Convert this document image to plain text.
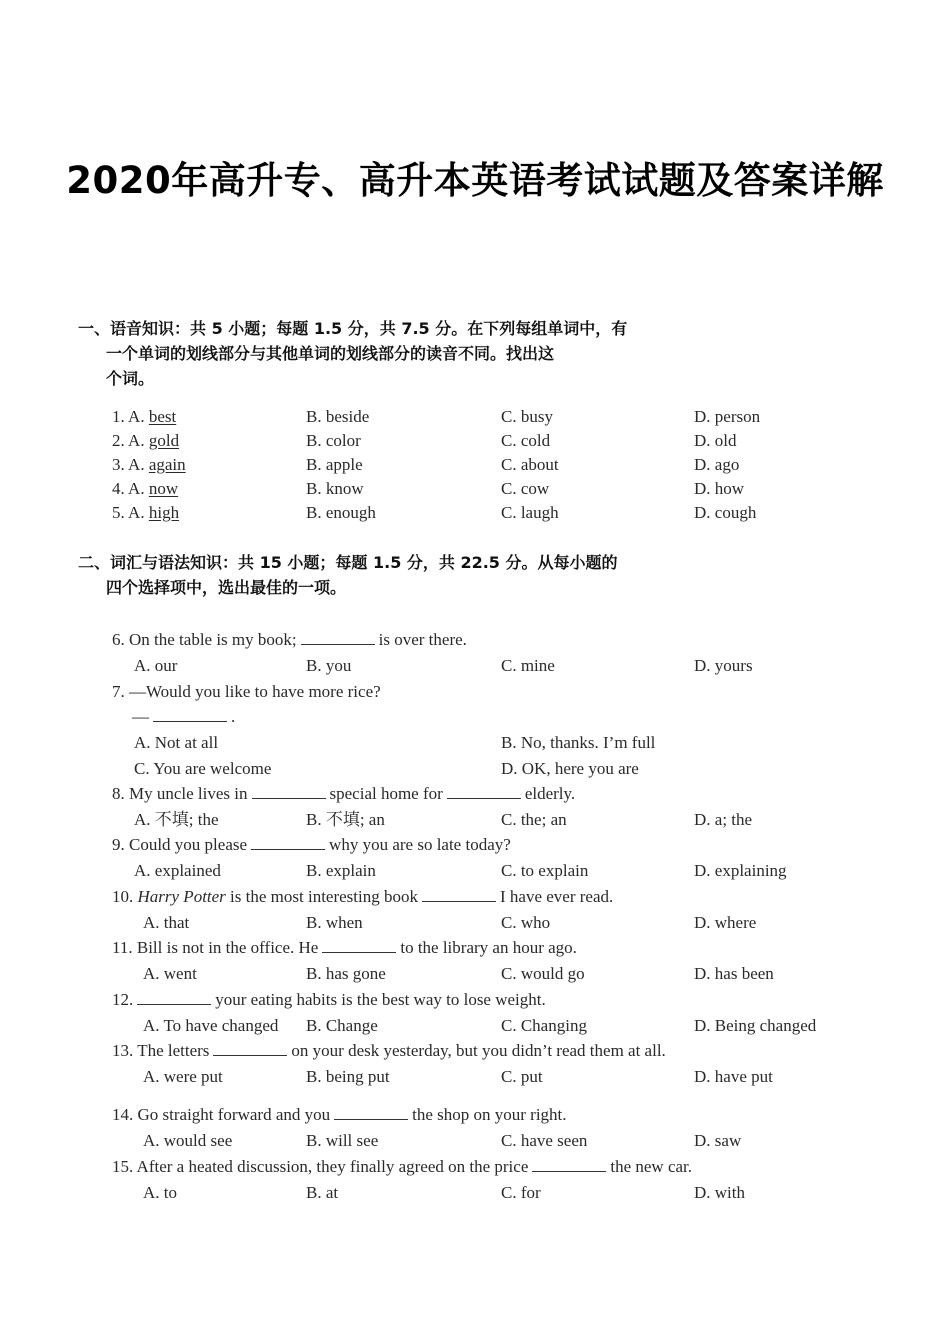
2020年高升专、高升本英语考试试题及答案详解
一、语音知识：共 5 小题；每题 1.5 分，共 7.5 分。在下列每组单词中，有
一个单词的划线部分与其他单词的划线部分的读音不同。找出这
个词。
1. A. best	B. beside	C. busy	D. person
2. A. gold	B. color	C. cold	D. old
3. A. again	B. apple	C. about	D. ago
4. A. now	B. know	C. cow	D. how
5. A. high	B. enough	C. laugh	D. cough
二、词汇与语法知识：共 15 小题；每题 1.5 分，共 22.5 分。从每小题的
四个选择项中，选出最佳的一项。
6. On the table is my book;	is over there.
A. our	B. you	C. mine	D. yours
7. —Would you like to have more rice?
—	.
A. Not at all	B. No, thanks. I’m full
C. You are welcome	D. OK, here you are
8. My uncle lives in	special home for	elderly.
A. 不填; the	B. 不填; an	C. the; an	D. a; the
9. Could you please	why you are so late today?
A. explained	B. explain	C. to explain	D. explaining
10. Harry Potter is the most interesting book	I have ever read.
A. that	B. when	C. who	D. where
11. Bill is not in the office. He	to the library an hour ago.
A. went	B. has gone	C. would go	D. has been
12.	your eating habits is the best way to lose weight.
A. To have changed B. Change	C. Changing	D. Being changed
13. The letters	on your desk yesterday, but you didn’t read them at all.
A. were put	B. being put	C. put	D. have put
14. Go straight forward and you	the shop on your right.
A. would see	B. will see	C. have seen	D. saw
15. After a heated discussion, they finally agreed on the price	the new car.
A. to	B. at	C. for	D. with
